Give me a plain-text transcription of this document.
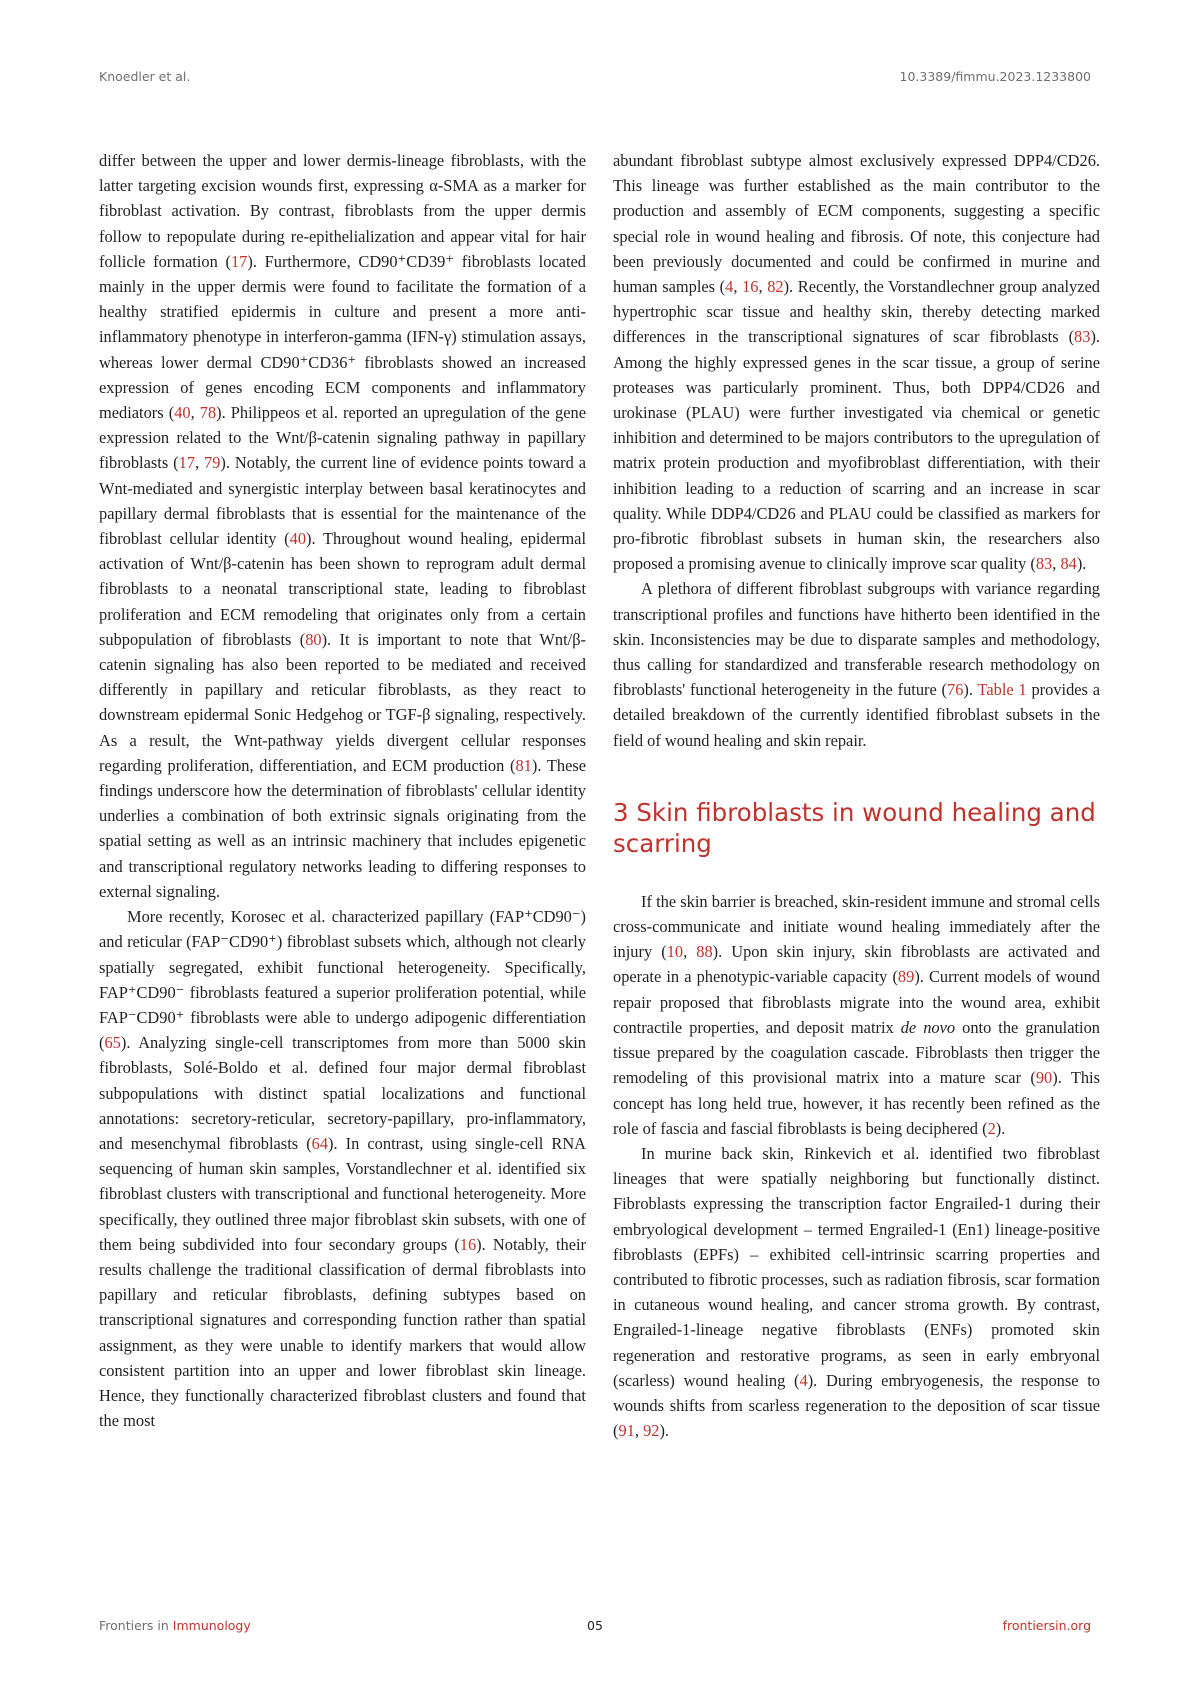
Knoedler et al.	10.3389/fimmu.2023.1233800

differ between the upper and lower dermis-lineage fibroblasts, with the latter targeting excision wounds first, expressing α-SMA as a marker for fibroblast activation. By contrast, fibroblasts from the upper dermis follow to repopulate during re-epithelialization and appear vital for hair follicle formation (17). Furthermore, CD90⁺CD39⁺ fibroblasts located mainly in the upper dermis were found to facilitate the formation of a healthy stratified epidermis in culture and present a more anti-inflammatory phenotype in interferon-gamma (IFN-γ) stimulation assays, whereas lower dermal CD90⁺CD36⁺ fibroblasts showed an increased expression of genes encoding ECM components and inflammatory mediators (40, 78). Philippeos et al. reported an upregulation of the gene expression related to the Wnt/β-catenin signaling pathway in papillary fibroblasts (17, 79). Notably, the current line of evidence points toward a Wnt-mediated and synergistic interplay between basal keratinocytes and papillary dermal fibroblasts that is essential for the maintenance of the fibroblast cellular identity (40). Throughout wound healing, epidermal activation of Wnt/β-catenin has been shown to reprogram adult dermal fibroblasts to a neonatal transcriptional state, leading to fibroblast proliferation and ECM remodeling that originates only from a certain subpopulation of fibroblasts (80). It is important to note that Wnt/β-catenin signaling has also been reported to be mediated and received differently in papillary and reticular fibroblasts, as they react to downstream epidermal Sonic Hedgehog or TGF-β signaling, respectively. As a result, the Wnt-pathway yields divergent cellular responses regarding proliferation, differentiation, and ECM production (81). These findings underscore how the determination of fibroblasts' cellular identity underlies a combination of both extrinsic signals originating from the spatial setting as well as an intrinsic machinery that includes epigenetic and transcriptional regulatory networks leading to differing responses to external signaling.

More recently, Korosec et al. characterized papillary (FAP⁺CD90⁻) and reticular (FAP⁻CD90⁺) fibroblast subsets which, although not clearly spatially segregated, exhibit functional heterogeneity. Specifically, FAP⁺CD90⁻ fibroblasts featured a superior proliferation potential, while FAP⁻CD90⁺ fibroblasts were able to undergo adipogenic differentiation (65). Analyzing single-cell transcriptomes from more than 5000 skin fibroblasts, Solé-Boldo et al. defined four major dermal fibroblast subpopulations with distinct spatial localizations and functional annotations: secretory-reticular, secretory-papillary, pro-inflammatory, and mesenchymal fibroblasts (64). In contrast, using single-cell RNA sequencing of human skin samples, Vorstandlechner et al. identified six fibroblast clusters with transcriptional and functional heterogeneity. More specifically, they outlined three major fibroblast skin subsets, with one of them being subdivided into four secondary groups (16). Notably, their results challenge the traditional classification of dermal fibroblasts into papillary and reticular fibroblasts, defining subtypes based on transcriptional signatures and corresponding function rather than spatial assignment, as they were unable to identify markers that would allow consistent partition into an upper and lower fibroblast skin lineage. Hence, they functionally characterized fibroblast clusters and found that the most

abundant fibroblast subtype almost exclusively expressed DPP4/CD26. This lineage was further established as the main contributor to the production and assembly of ECM components, suggesting a specific special role in wound healing and fibrosis. Of note, this conjecture had been previously documented and could be confirmed in murine and human samples (4, 16, 82). Recently, the Vorstandlechner group analyzed hypertrophic scar tissue and healthy skin, thereby detecting marked differences in the transcriptional signatures of scar fibroblasts (83). Among the highly expressed genes in the scar tissue, a group of serine proteases was particularly prominent. Thus, both DPP4/CD26 and urokinase (PLAU) were further investigated via chemical or genetic inhibition and determined to be majors contributors to the upregulation of matrix protein production and myofibroblast differentiation, with their inhibition leading to a reduction of scarring and an increase in scar quality. While DDP4/CD26 and PLAU could be classified as markers for pro-fibrotic fibroblast subsets in human skin, the researchers also proposed a promising avenue to clinically improve scar quality (83, 84).

A plethora of different fibroblast subgroups with variance regarding transcriptional profiles and functions have hitherto been identified in the skin. Inconsistencies may be due to disparate samples and methodology, thus calling for standardized and transferable research methodology on fibroblasts' functional heterogeneity in the future (76). Table 1 provides a detailed breakdown of the currently identified fibroblast subsets in the field of wound healing and skin repair.

3 Skin fibroblasts in wound healing and scarring

If the skin barrier is breached, skin-resident immune and stromal cells cross-communicate and initiate wound healing immediately after the injury (10, 88). Upon skin injury, skin fibroblasts are activated and operate in a phenotypic-variable capacity (89). Current models of wound repair proposed that fibroblasts migrate into the wound area, exhibit contractile properties, and deposit matrix de novo onto the granulation tissue prepared by the coagulation cascade. Fibroblasts then trigger the remodeling of this provisional matrix into a mature scar (90). This concept has long held true, however, it has recently been refined as the role of fascia and fascial fibroblasts is being deciphered (2).

In murine back skin, Rinkevich et al. identified two fibroblast lineages that were spatially neighboring but functionally distinct. Fibroblasts expressing the transcription factor Engrailed-1 during their embryological development – termed Engrailed-1 (En1) lineage-positive fibroblasts (EPFs) – exhibited cell-intrinsic scarring properties and contributed to fibrotic processes, such as radiation fibrosis, scar formation in cutaneous wound healing, and cancer stroma growth. By contrast, Engrailed-1-lineage negative fibroblasts (ENFs) promoted skin regeneration and restorative programs, as seen in early embryonal (scarless) wound healing (4). During embryogenesis, the response to wounds shifts from scarless regeneration to the deposition of scar tissue (91, 92).

Frontiers in Immunology	05	frontiersin.org
